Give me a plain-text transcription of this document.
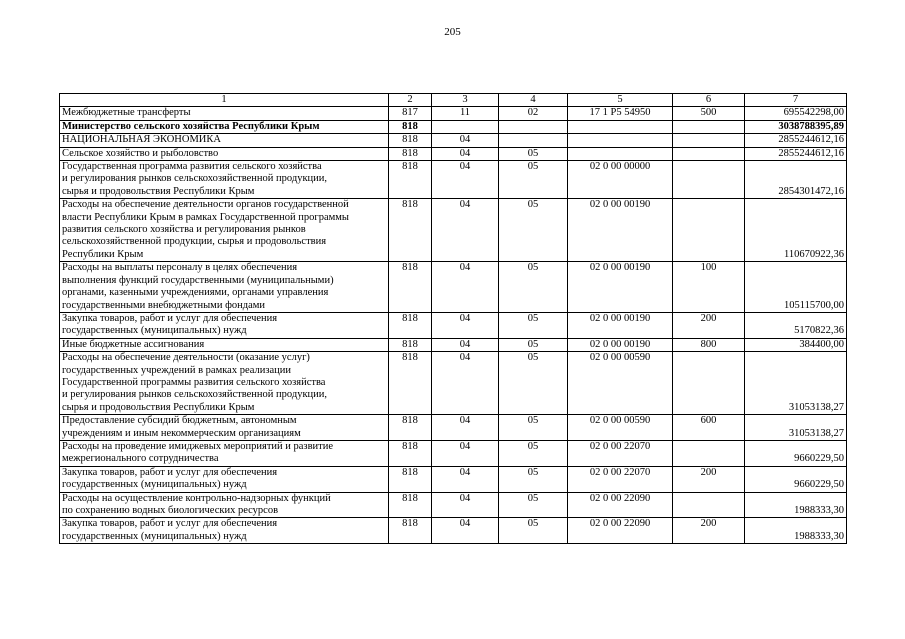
205
1	2	3	4	5	6	7
Межбюджетные трансферты	817	11	02	17 1 Р5 54950	500	695542298,00
Министерство сельского хозяйства Республики Крым	818					3038788395,89
НАЦИОНАЛЬНАЯ ЭКОНОМИКА	818	04				2855244612,16
Сельское хозяйство и рыболовство	818	04	05			2855244612,16
Государственная программа развития сельского хозяйства
и регулирования рынков сельскохозяйственной продукции,
сырья и продовольствия Республики Крым	818	04	05	02 0 00 00000		2854301472,16
Расходы на обеспечение деятельности органов государственной
власти Республики Крым в рамках Государственной программы
развития сельского хозяйства и регулирования рынков
сельскохозяйственной продукции, сырья и продовольствия
Республики Крым	818	04	05	02 0 00 00190		110670922,36
Расходы на выплаты персоналу в целях обеспечения
выполнения функций государственными (муниципальными)
органами, казенными учреждениями, органами управления
государственными внебюджетными фондами	818	04	05	02 0 00 00190	100	105115700,00
Закупка товаров, работ и услуг для обеспечения
государственных (муниципальных) нужд	818	04	05	02 0 00 00190	200	5170822,36
Иные бюджетные ассигнования	818	04	05	02 0 00 00190	800	384400,00
Расходы на обеспечение деятельности (оказание услуг)
государственных учреждений в рамках реализации
Государственной программы развития сельского хозяйства
и регулирования рынков сельскохозяйственной продукции,
сырья и продовольствия Республики Крым	818	04	05	02 0 00 00590		31053138,27
Предоставление субсидий бюджетным, автономным
учреждениям и иным некоммерческим организациям	818	04	05	02 0 00 00590	600	31053138,27
Расходы на проведение имиджевых мероприятий и развитие
межрегионального сотрудничества	818	04	05	02 0 00 22070		9660229,50
Закупка товаров, работ и услуг для обеспечения
государственных (муниципальных) нужд	818	04	05	02 0 00 22070	200	9660229,50
Расходы на осуществление контрольно-надзорных функций
по сохранению водных биологических ресурсов	818	04	05	02 0 00 22090		1988333,30
Закупка товаров, работ и услуг для обеспечения
государственных (муниципальных) нужд	818	04	05	02 0 00 22090	200	1988333,30
